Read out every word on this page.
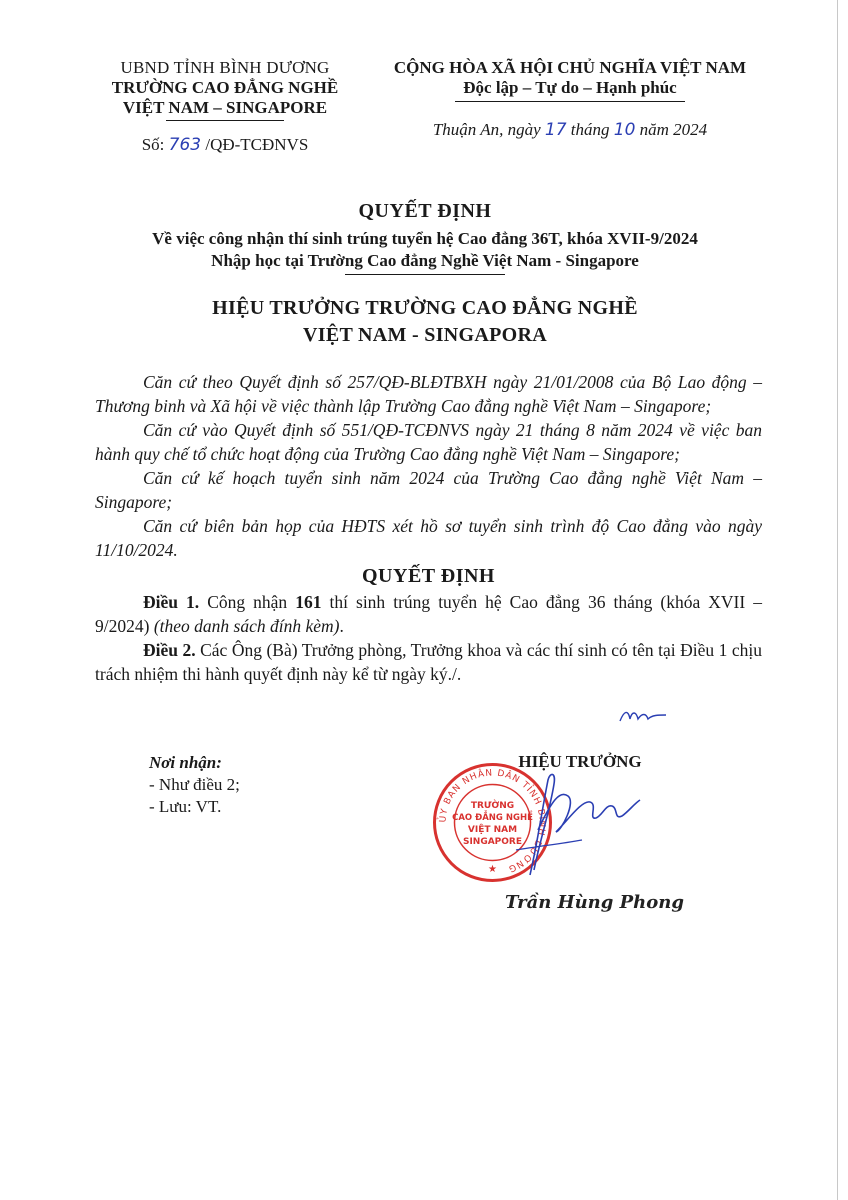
UBND TỈNH BÌNH DƯƠNG
TRƯỜNG CAO ĐẲNG NGHỀ
VIỆT NAM – SINGAPORE
Số: 763 /QĐ-TCĐNVS
CỘNG HÒA XÃ HỘI CHỦ NGHĨA VIỆT NAM
Độc lập – Tự do – Hạnh phúc
Thuận An, ngày 17 tháng 10 năm 2024
QUYẾT ĐỊNH
Về việc công nhận thí sinh trúng tuyển hệ Cao đẳng 36T, khóa XVII-9/2024
Nhập học tại Trường Cao đẳng Nghề Việt Nam - Singapore
HIỆU TRƯỞNG TRƯỜNG CAO ĐẲNG NGHỀ
VIỆT NAM - SINGAPORA

Căn cứ theo Quyết định số 257/QĐ-BLĐTBXH ngày 21/01/2008 của Bộ Lao động – Thương binh và Xã hội về việc thành lập Trường Cao đẳng nghề Việt Nam – Singapore;

Căn cứ vào Quyết định số 551/QĐ-TCĐNVS ngày 21 tháng 8 năm 2024 về việc ban hành quy chế tổ chức hoạt động của Trường Cao đẳng nghề Việt Nam – Singapore;

Căn cứ kế hoạch tuyển sinh năm 2024 của Trường Cao đẳng nghề Việt Nam – Singapore;

Căn cứ biên bản họp của HĐTS xét hồ sơ tuyển sinh trình độ Cao đẳng vào ngày 11/10/2024.

QUYẾT ĐỊNH

Điều 1. Công nhận 161 thí sinh trúng tuyển hệ Cao đẳng 36 tháng (khóa XVII – 9/2024) (theo danh sách đính kèm).

Điều 2. Các Ông (Bà) Trưởng phòng, Trưởng khoa và các thí sinh có tên tại Điều 1 chịu trách nhiệm thi hành quyết định này kể từ ngày ký./.

Nơi nhận:
- Như điều 2;
- Lưu: VT.
HIỆU TRƯỞNG
ỦY BAN NHÂN DÂN TỈNH BÌNH DƯƠNG
TRƯỜNG
CAO ĐẲNG NGHỀ
VIỆT NAM
SINGAPORE
★
Trần Hùng Phong
